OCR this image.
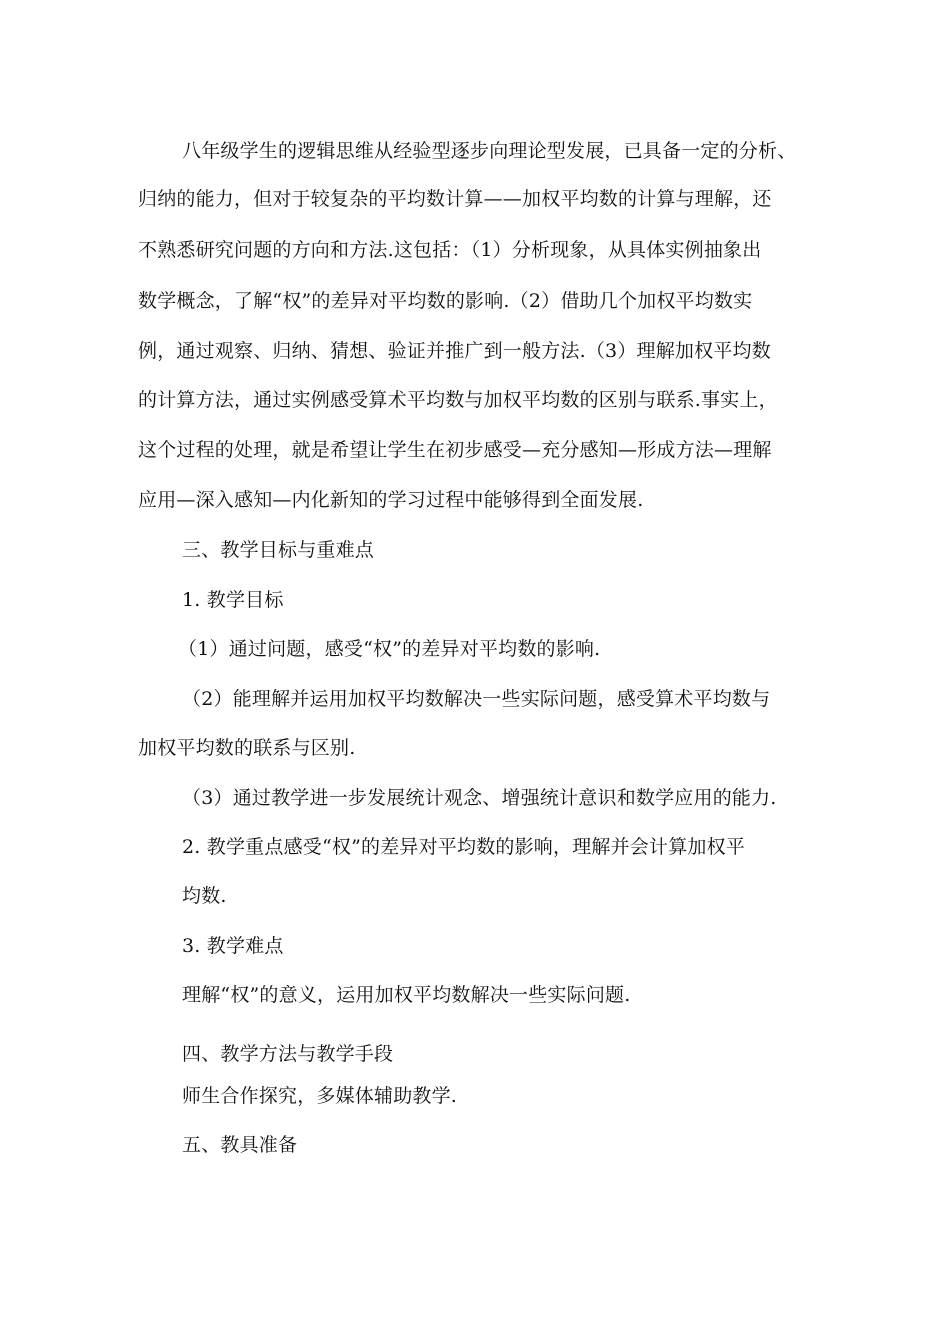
八年级学生的逻辑思维从经验型逐步向理论型发展，已具备一定的分析、
归纳的能力，但对于较复杂的平均数计算——加权平均数的计算与理解，还
不熟悉研究问题的方向和方法.这包括：（1）分析现象，从具体实例抽象出
数学概念，了解“权”的差异对平均数的影响.（2）借助几个加权平均数实
例，通过观察、归纳、猜想、验证并推广到一般方法.（3）理解加权平均数
的计算方法，通过实例感受算术平均数与加权平均数的区别与联系.事实上，
这个过程的处理，就是希望让学生在初步感受—充分感知—形成方法—理解
应用—深入感知—内化新知的学习过程中能够得到全面发展.
三、教学目标与重难点
1. 教学目标
（1）通过问题，感受“权”的差异对平均数的影响.
（2）能理解并运用加权平均数解决一些实际问题，感受算术平均数与
加权平均数的联系与区别.
（3）通过教学进一步发展统计观念、增强统计意识和数学应用的能力.
2. 教学重点感受“权”的差异对平均数的影响，理解并会计算加权平
均数.
3. 教学难点
理解“权”的意义，运用加权平均数解决一些实际问题.
四、教学方法与教学手段
师生合作探究，多媒体辅助教学.
五、教具准备
